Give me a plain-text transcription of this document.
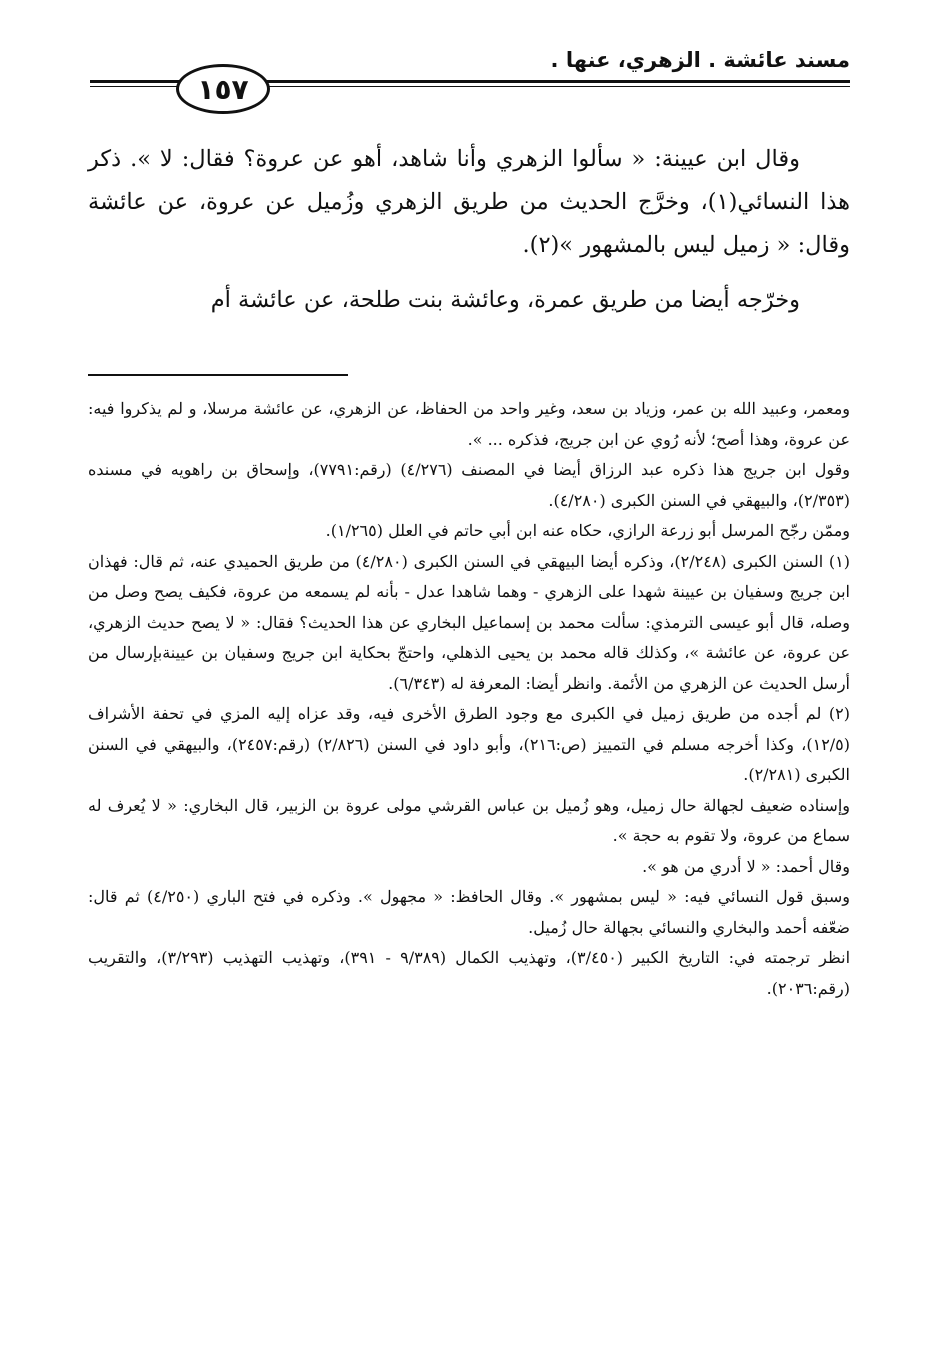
مسند عائشة . الزهري، عنها .
١٥٧

وقال ابن عيينة: « سألوا الزهري وأنا شاهد، أهو عن عروة؟ فقال: لا ». ذكر هذا النسائي(١)، وخرَّج الحديث من طريق الزهري وزُميل عن عروة، عن عائشة وقال: « زميل ليس بالمشهور »(٢).

وخرّجه أيضا من طريق عمرة، وعائشة بنت طلحة، عن عائشة أم

ومعمر، وعبيد الله بن عمر، وزياد بن سعد، وغير واحد من الحفاظ، عن الزهري، عن عائشة مرسلا، و لم يذكروا فيه: عن عروة، وهذا أصح؛ لأنه رُوي عن ابن جريج، فذكره ... ».

وقول ابن جريج هذا ذكره عبد الرزاق أيضا في المصنف (٤/٢٧٦) (رقم:٧٧٩١)، وإسحاق بن راهويه في مسنده (٢/٣٥٣)، والبيهقي في السنن الكبرى (٤/٢٨٠).

وممّن رجّح المرسل أبو زرعة الرازي، حكاه عنه ابن أبي حاتم في العلل (١/٢٦٥).

(١) السنن الكبرى (٢/٢٤٨)، وذكره أيضا البيهقي في السنن الكبرى (٤/٢٨٠) من طريق الحميدي عنه، ثم قال: فهذان ابن جريج وسفيان بن عيينة شهدا على الزهري - وهما شاهدا عدل - بأنه لم يسمعه من عروة، فكيف يصح وصل من وصله، قال أبو عيسى الترمذي: سألت محمد بن إسماعيل البخاري عن هذا الحديث؟ فقال: « لا يصح حديث الزهري، عن عروة، عن عائشة »، وكذلك قاله محمد بن يحيى الذهلي، واحتجّ بحكاية ابن جريج وسفيان بن عيينةبإرسال من أرسل الحديث عن الزهري من الأئمة. وانظر أيضا: المعرفة له (٦/٣٤٣).

(٢) لم أجده من طريق زميل في الكبرى مع وجود الطرق الأخرى فيه، وقد عزاه إليه المزي في تحفة الأشراف (١٢/٥)، وكذا أخرجه مسلم في التمييز (ص:٢١٦)، وأبو داود في السنن (٢/٨٢٦) (رقم:٢٤٥٧)، والبيهقي في السنن الكبرى (٢/٢٨١).

وإسناده ضعيف لجهالة حال زميل، وهو زُميل بن عباس القرشي مولى عروة بن الزبير، قال البخاري: « لا يُعرف له سماع من عروة، ولا تقوم به حجة ».

وقال أحمد: « لا أدري من هو ».

وسبق قول النسائي فيه: « ليس بمشهور ». وقال الحافظ: « مجهول ». وذكره في فتح الباري (٤/٢٥٠) ثم قال: ضعّفه أحمد والبخاري والنسائي بجهالة حال زُميل.

انظر ترجمته في: التاريخ الكبير (٣/٤٥٠)، وتهذيب الكمال (٩/٣٨٩ - ٣٩١)، وتهذيب التهذيب (٣/٢٩٣)، والتقريب (رقم:٢٠٣٦).
